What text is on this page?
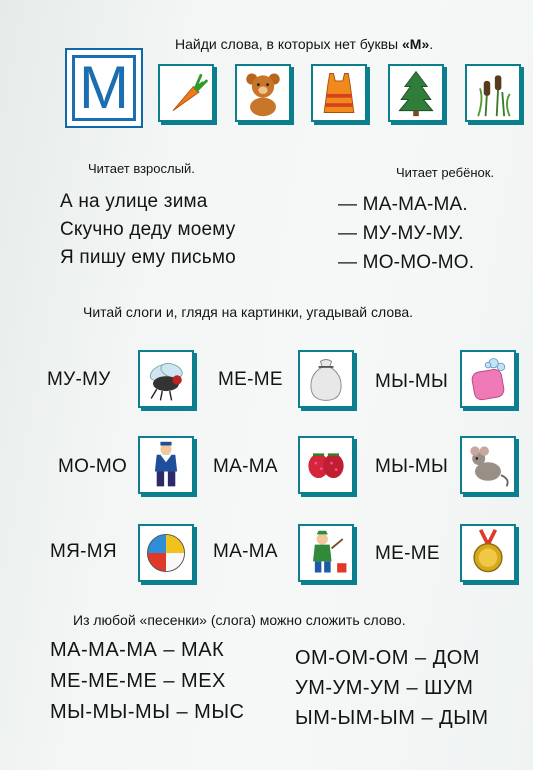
М
Найди слова, в которых нет буквы «М».
Читает взрослый.	Читает ребёнок.
А на улице зима	— МА-МА-МА.
Скучно деду моему	— МУ-МУ-МУ.
Я пишу ему письмо	— МО-МО-МО.
Читай слоги и, глядя на картинки, угадывай слова.
МУ-МУ	МЕ-МЕ	МЫ-МЫ
МО-МО	МА-МА	МЫ-МЫ
МЯ-МЯ	МА-МА	МЕ-МЕ
Из любой «песенки» (слога) можно сложить слово.
МА-МА-МА – МАК
МЕ-МЕ-МЕ – МЕХ
МЫ-МЫ-МЫ – МЫС
ОМ-ОМ-ОМ – ДОМ
УМ-УМ-УМ – ШУМ
ЫМ-ЫМ-ЫМ – ДЫМ
